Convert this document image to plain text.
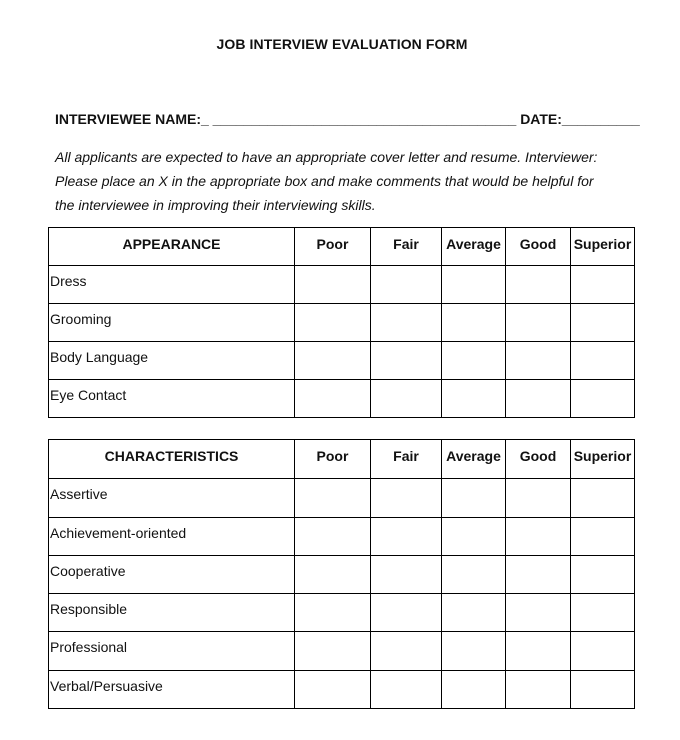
JOB INTERVIEW EVALUATION FORM
INTERVIEWEE NAME:_ _______________________________________ DATE:__________
All applicants are expected to have an appropriate cover letter and resume. Interviewer:
Please place an X in the appropriate box and make comments that would be helpful for
the interviewee in improving their interviewing skills.
APPEARANCE	Poor	Fair	Average	Good	Superior
Dress					
Grooming					
Body Language					
Eye Contact					
CHARACTERISTICS	Poor	Fair	Average	Good	Superior
Assertive					
Achievement-oriented					
Cooperative					
Responsible					
Professional					
Verbal/Persuasive					
